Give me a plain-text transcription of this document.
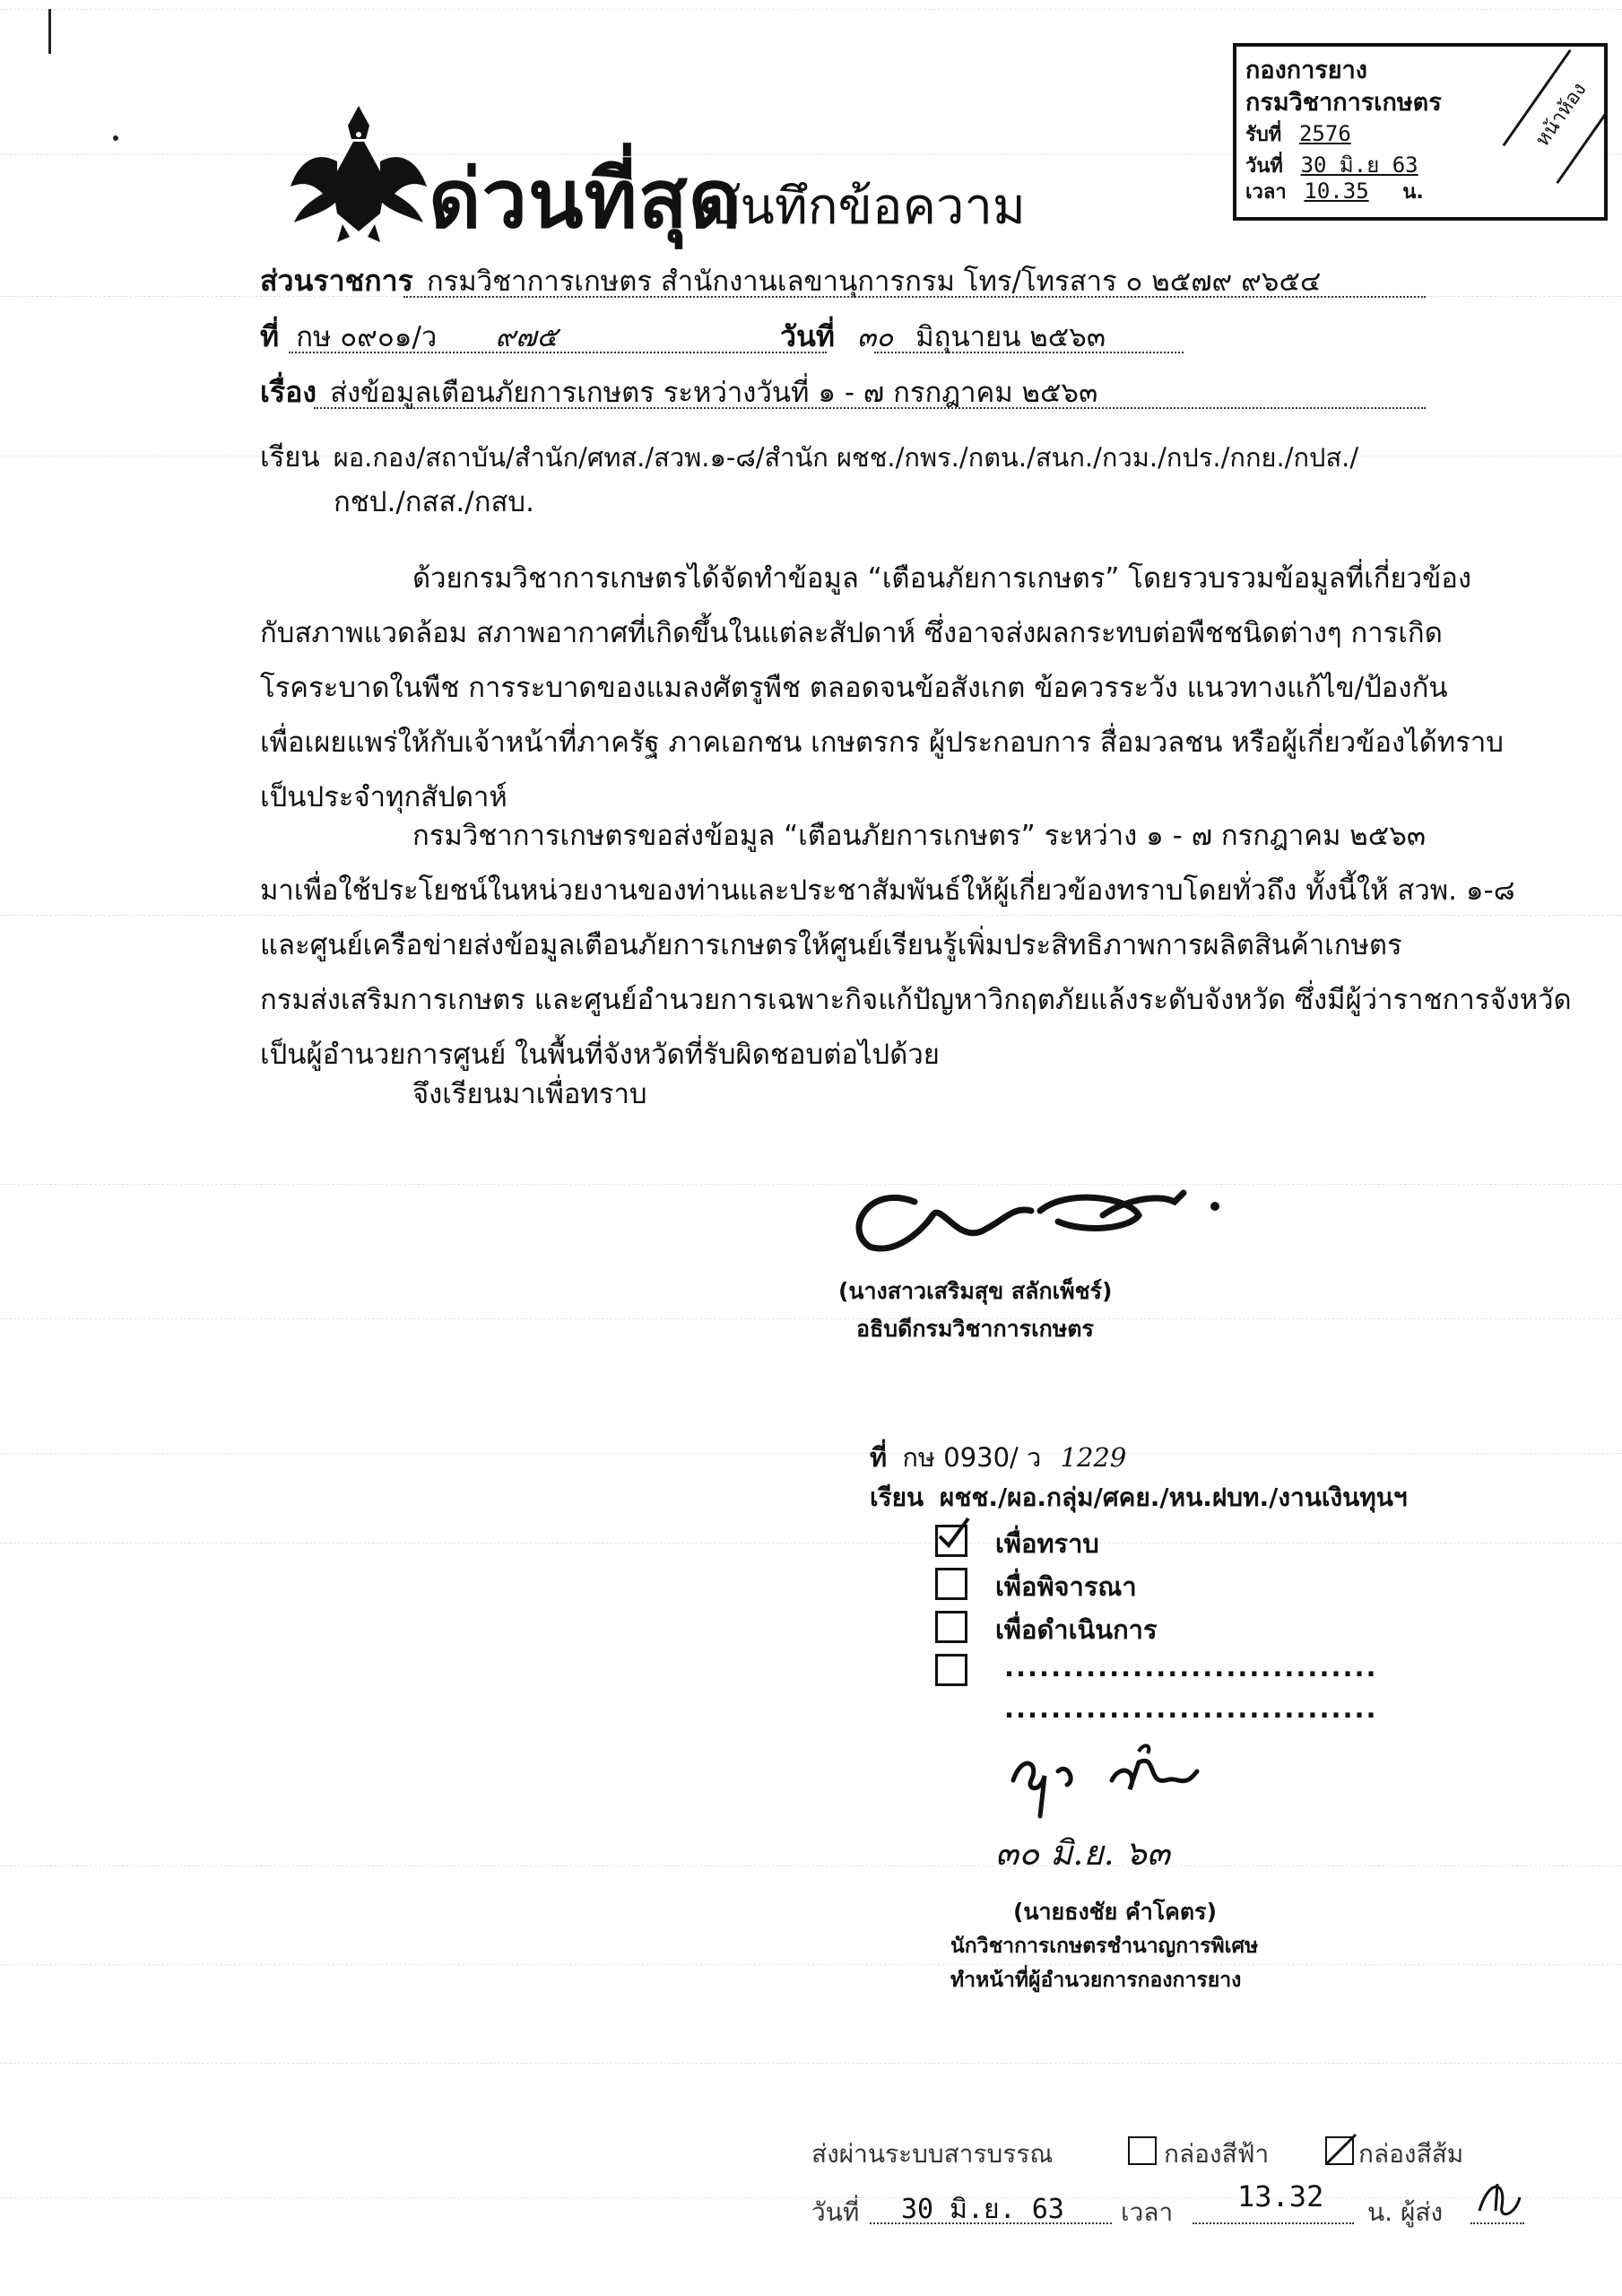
กองการยาง
กรมวิชาการเกษตร
รับที่ 2576
วันที่ 30 มิ.ย 63
เวลา 10.35 น.
หน้าห้อง
ด่วนที่สุด
บันทึกข้อความ
ส่วนราชการ กรมวิชาการเกษตร สำนักงานเลขานุการกรม โทร/โทรสาร ๐ ๒๕๗๙ ๙๖๕๔
ที่ กษ ๐๙๐๑/ว ๙๗๕	วันที่ ๓๐ มิถุนายน ๒๕๖๓
เรื่อง ส่งข้อมูลเตือนภัยการเกษตร ระหว่างวันที่ ๑ - ๗ กรกฎาคม ๒๕๖๓
เรียน ผอ.กอง/สถาบัน/สำนัก/ศทส./สวพ.๑-๘/สำนัก ผชช./กพร./กตน./สนก./กวม./กปร./กกย./กปส./
กชป./กสส./กสบ.
ด้วยกรมวิชาการเกษตรได้จัดทำข้อมูล “เตือนภัยการเกษตร” โดยรวบรวมข้อมูลที่เกี่ยวข้อง
กับสภาพแวดล้อม สภาพอากาศที่เกิดขึ้นในแต่ละสัปดาห์ ซึ่งอาจส่งผลกระทบต่อพืชชนิดต่างๆ การเกิด
โรคระบาดในพืช การระบาดของแมลงศัตรูพืช ตลอดจนข้อสังเกต ข้อควรระวัง แนวทางแก้ไข/ป้องกัน
เพื่อเผยแพร่ให้กับเจ้าหน้าที่ภาครัฐ ภาคเอกชน เกษตรกร ผู้ประกอบการ สื่อมวลชน หรือผู้เกี่ยวข้องได้ทราบ
เป็นประจำทุกสัปดาห์
กรมวิชาการเกษตรขอส่งข้อมูล “เตือนภัยการเกษตร” ระหว่าง ๑ - ๗ กรกฎาคม ๒๕๖๓
มาเพื่อใช้ประโยชน์ในหน่วยงานของท่านและประชาสัมพันธ์ให้ผู้เกี่ยวข้องทราบโดยทั่วถึง ทั้งนี้ให้ สวพ. ๑-๘
และศูนย์เครือข่ายส่งข้อมูลเตือนภัยการเกษตรให้ศูนย์เรียนรู้เพิ่มประสิทธิภาพการผลิตสินค้าเกษตร
กรมส่งเสริมการเกษตร และศูนย์อำนวยการเฉพาะกิจแก้ปัญหาวิกฤตภัยแล้งระดับจังหวัด ซึ่งมีผู้ว่าราชการจังหวัด
เป็นผู้อำนวยการศูนย์ ในพื้นที่จังหวัดที่รับผิดชอบต่อไปด้วย
จึงเรียนมาเพื่อทราบ
(นางสาวเสริมสุข สลักเพ็ชร์)
อธิบดีกรมวิชาการเกษตร
ที่ กษ 0930/ ว 1229
เรียน ผชช./ผอ.กลุ่ม/ศคย./หน.ฝบท./งานเงินทุนฯ
เพื่อทราบ
เพื่อพิจารณา
เพื่อดำเนินการ
................................
................................
๓๐ มิ.ย. ๖๓
(นายธงชัย คำโคตร)
นักวิชาการเกษตรชำนาญการพิเศษ
ทำหน้าที่ผู้อำนวยการกองการยาง
ส่งผ่านระบบสารบรรณ	กล่องสีฟ้า	กล่องสีส้ม
วันที่ 30 มิ.ย. 63 เวลา 13.32 น. ผู้ส่ง
